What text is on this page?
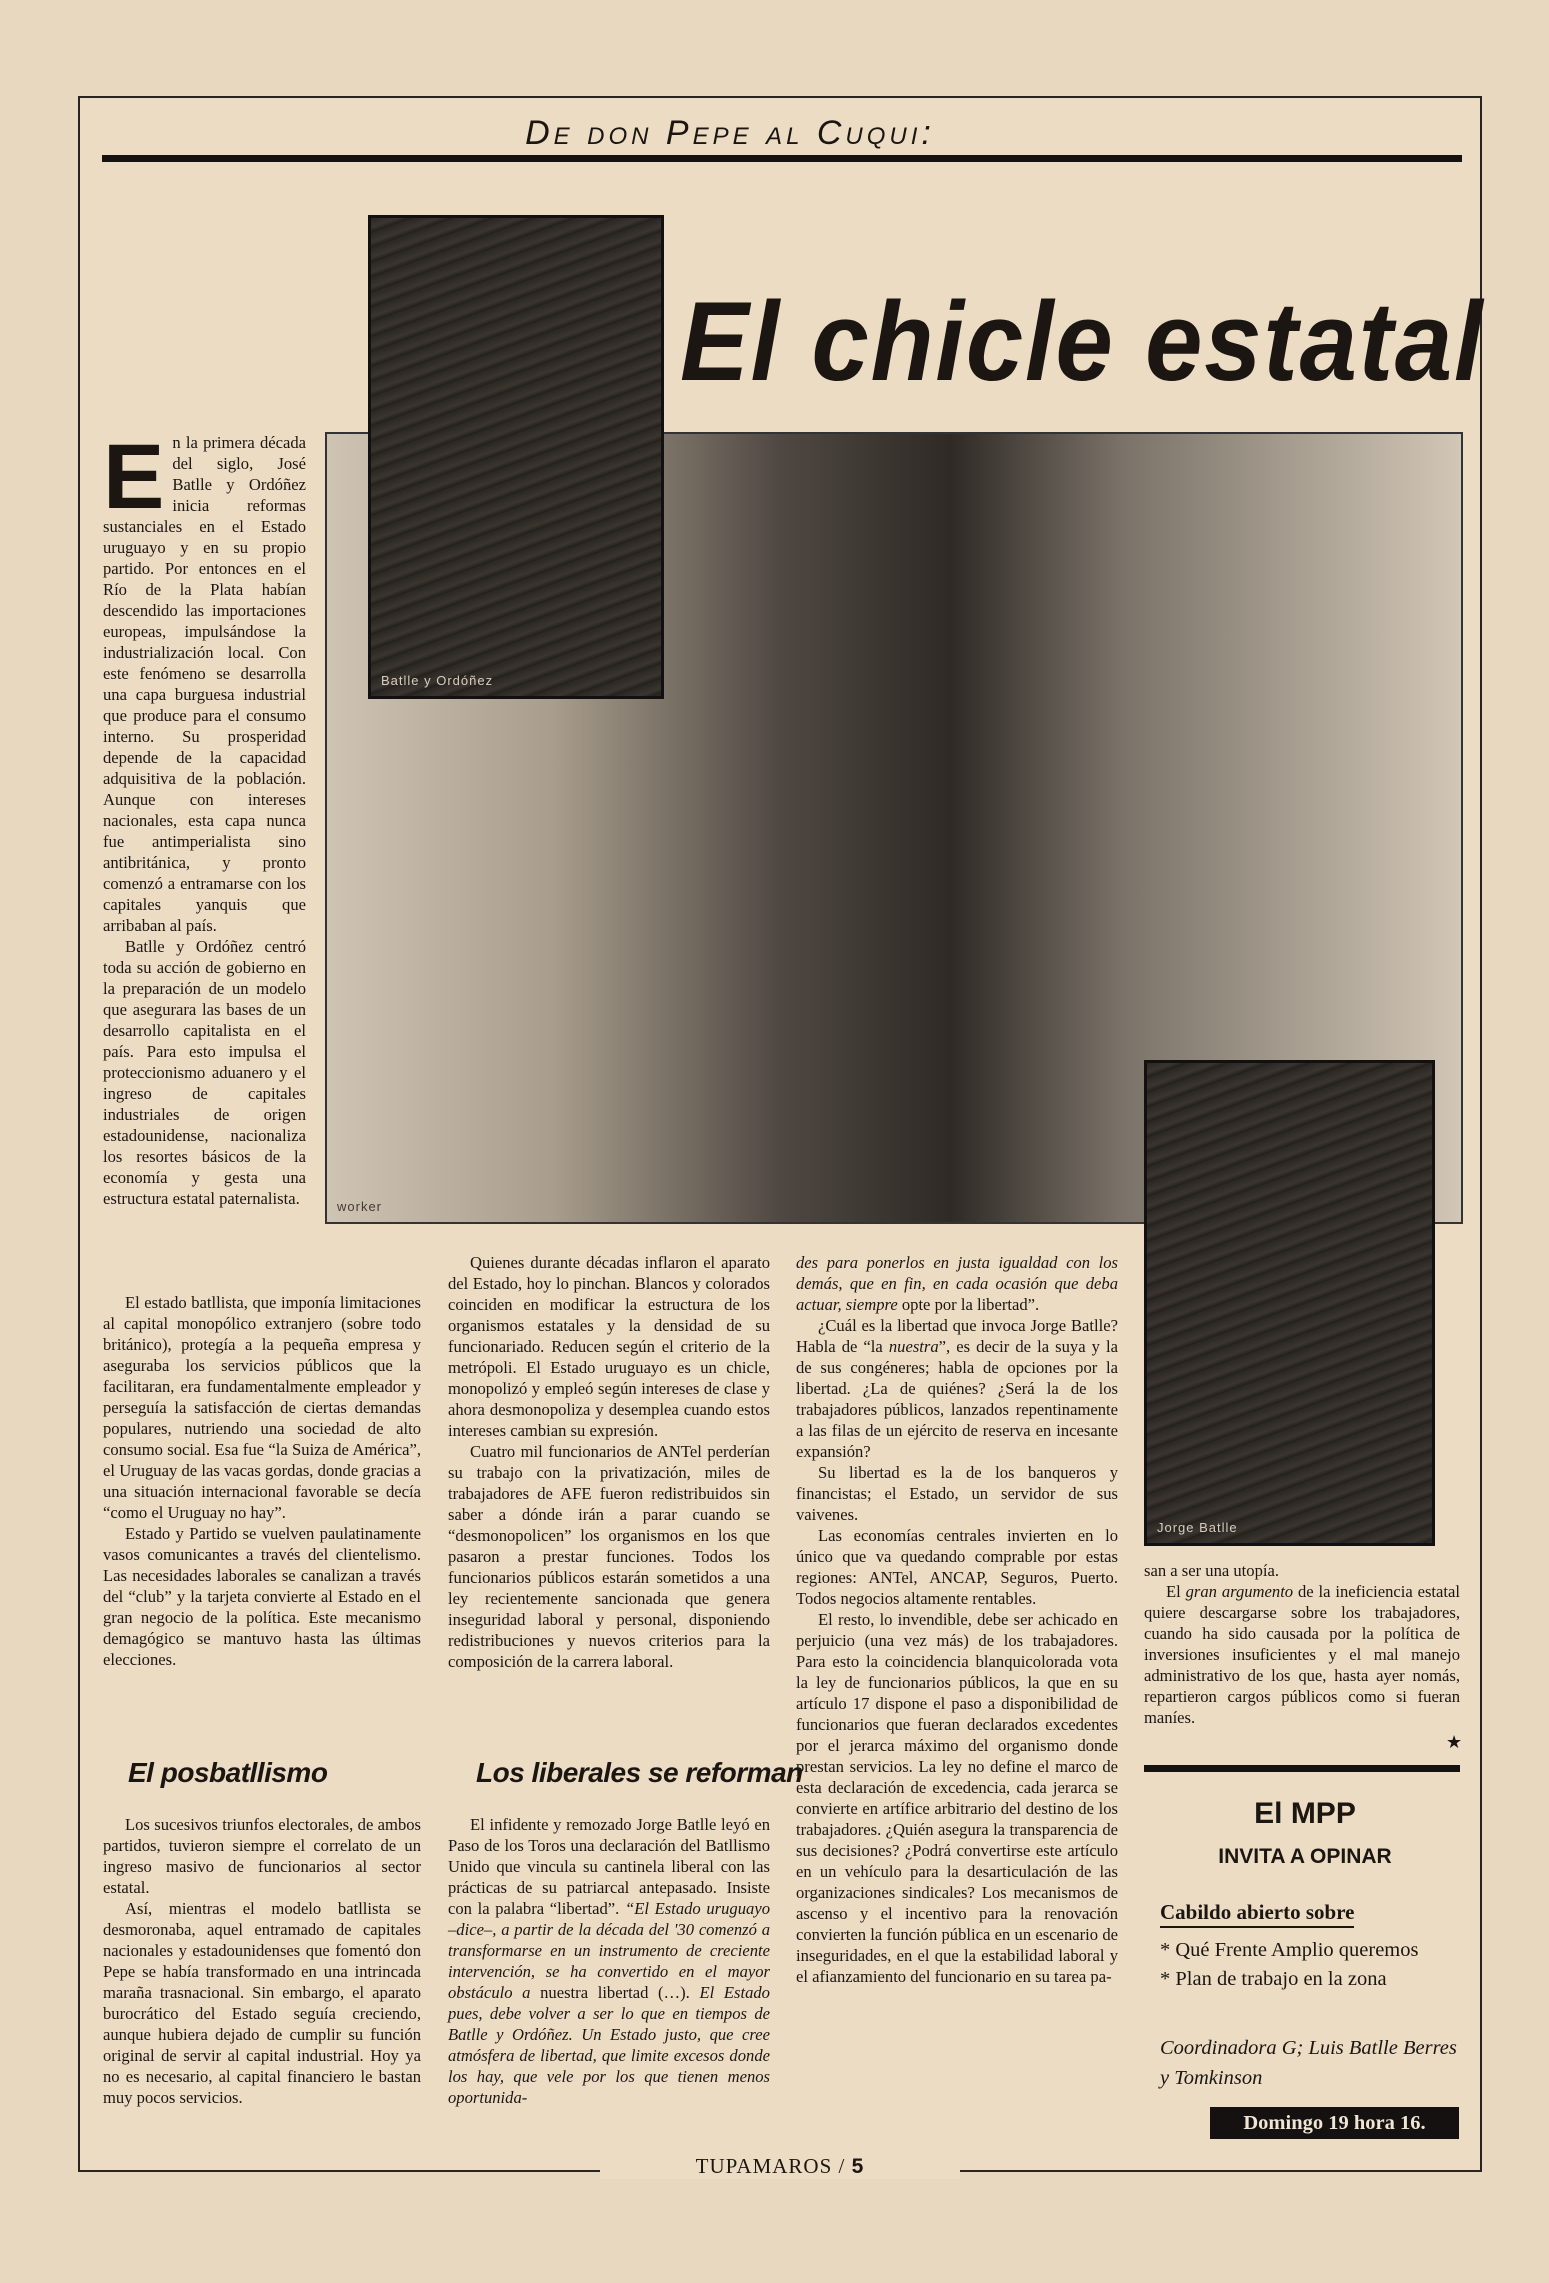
De don Pepe al Cuqui:
worker
Batlle y Ordóñez
Jorge Batlle
El chicle estatal

En la primera década del siglo, José Batlle y Ordóñez inicia reformas sustanciales en el Estado uruguayo y en su propio partido. Por entonces en el Río de la Plata habían descendido las importaciones europeas, impulsándose la industrialización local. Con este fenómeno se desarrolla una capa burguesa industrial que produce para el consumo interno. Su prosperidad depende de la capacidad adquisitiva de la población. Aunque con intereses nacionales, esta capa nunca fue antimperialista sino antibritánica, y pronto comenzó a entramarse con los capitales yanquis que arribaban al país.

Batlle y Ordóñez centró toda su acción de gobierno en la preparación de un modelo que asegurara las bases de un desarrollo capitalista en el país. Para esto impulsa el proteccionismo aduanero y el ingreso de capitales industriales de origen estadounidense, nacionaliza los resortes básicos de la economía y gesta una estructura estatal paternalista.

El estado batllista, que imponía limitaciones al capital monopólico extranjero (sobre todo británico), protegía a la pequeña empresa y aseguraba los servicios públicos que la facilitaran, era fundamentalmente empleador y perseguía la satisfacción de ciertas demandas populares, nutriendo una sociedad de alto consumo social. Esa fue “la Suiza de América”, el Uruguay de las vacas gordas, donde gracias a una situación internacional favorable se decía “como el Uruguay no hay”.

Estado y Partido se vuelven paulatinamente vasos comunicantes a través del clientelismo. Las necesidades laborales se canalizan a través del “club” y la tarjeta convierte al Estado en el gran negocio de la política. Este mecanismo demagógico se mantuvo hasta las últimas elecciones.

El posbatllismo

Los sucesivos triunfos electorales, de ambos partidos, tuvieron siempre el correlato de un ingreso masivo de funcionarios al sector estatal.

Así, mientras el modelo batllista se desmoronaba, aquel entramado de capitales nacionales y estadounidenses que fomentó don Pepe se había transformado en una intrincada maraña trasnacional. Sin embargo, el aparato burocrático del Estado seguía creciendo, aunque hubiera dejado de cumplir su función original de servir al capital industrial. Hoy ya no es necesario, al capital financiero le bastan muy pocos servicios.

Quienes durante décadas inflaron el aparato del Estado, hoy lo pinchan. Blancos y colorados coinciden en modificar la estructura de los organismos estatales y la densidad de su funcionariado. Reducen según el criterio de la metrópoli. El Estado uruguayo es un chicle, monopolizó y empleó según intereses de clase y ahora desmonopoliza y desemplea cuando estos intereses cambian su expresión.

Cuatro mil funcionarios de ANTel perderían su trabajo con la privatización, miles de trabajadores de AFE fueron redistribuidos sin saber a dónde irán a parar cuando se “desmonopolicen” los organismos en los que pasaron a prestar funciones. Todos los funcionarios públicos estarán sometidos a una ley recientemente sancionada que genera inseguridad laboral y personal, disponiendo redistribuciones y nuevos criterios para la composición de la carrera laboral.

Los liberales se reforman

El infidente y remozado Jorge Batlle leyó en Paso de los Toros una declaración del Batllismo Unido que vincula su cantinela liberal con las prácticas de su patriarcal antepasado. Insiste con la palabra “libertad”. “El Estado uruguayo –dice–, a partir de la década del '30 comenzó a transformarse en un instrumento de creciente intervención, se ha convertido en el mayor obstáculo a nuestra libertad (…). El Estado pues, debe volver a ser lo que en tiempos de Batlle y Ordóñez. Un Estado justo, que cree atmósfera de libertad, que limite excesos donde los hay, que vele por los que tienen menos oportunida-

des para ponerlos en justa igualdad con los demás, que en fin, en cada ocasión que deba actuar, siempre opte por la libertad”.

¿Cuál es la libertad que invoca Jorge Batlle? Habla de “la nuestra”, es decir de la suya y la de sus congéneres; habla de opciones por la libertad. ¿La de quiénes? ¿Será la de los trabajadores públicos, lanzados repentinamente a las filas de un ejército de reserva en incesante expansión?

Su libertad es la de los banqueros y financistas; el Estado, un servidor de sus vaivenes.

Las economías centrales invierten en lo único que va quedando comprable por estas regiones: ANTel, ANCAP, Seguros, Puerto. Todos negocios altamente rentables.

El resto, lo invendible, debe ser achicado en perjuicio (una vez más) de los trabajadores. Para esto la coincidencia blanquicolorada vota la ley de funcionarios públicos, la que en su artículo 17 dispone el paso a disponibilidad de funcionarios que fueran declarados excedentes por el jerarca máximo del organismo donde prestan servicios. La ley no define el marco de esta declaración de excedencia, cada jerarca se convierte en artífice arbitrario del destino de los trabajadores. ¿Quién asegura la transparencia de sus decisiones? ¿Podrá convertirse este artículo en un vehículo para la desarticulación de las organizaciones sindicales? Los mecanismos de ascenso y el incentivo para la renovación convierten la función pública en un escenario de inseguridades, en el que la estabilidad laboral y el afianzamiento del funcionario en su tarea pa-

san a ser una utopía.

El gran argumento de la ineficiencia estatal quiere descargarse sobre los trabajadores, cuando ha sido causada por la política de inversiones insuficientes y el mal manejo administrativo de los que, hasta ayer nomás, repartieron cargos públicos como si fueran maníes.

★
El MPP
INVITA A OPINAR
Cabildo abierto sobre
* Qué Frente Amplio queremos
* Plan de trabajo en la zona
Coordinadora G; Luis Batlle Berres y Tomkinson
Domingo 19 hora 16.
TUPAMAROS / 5
